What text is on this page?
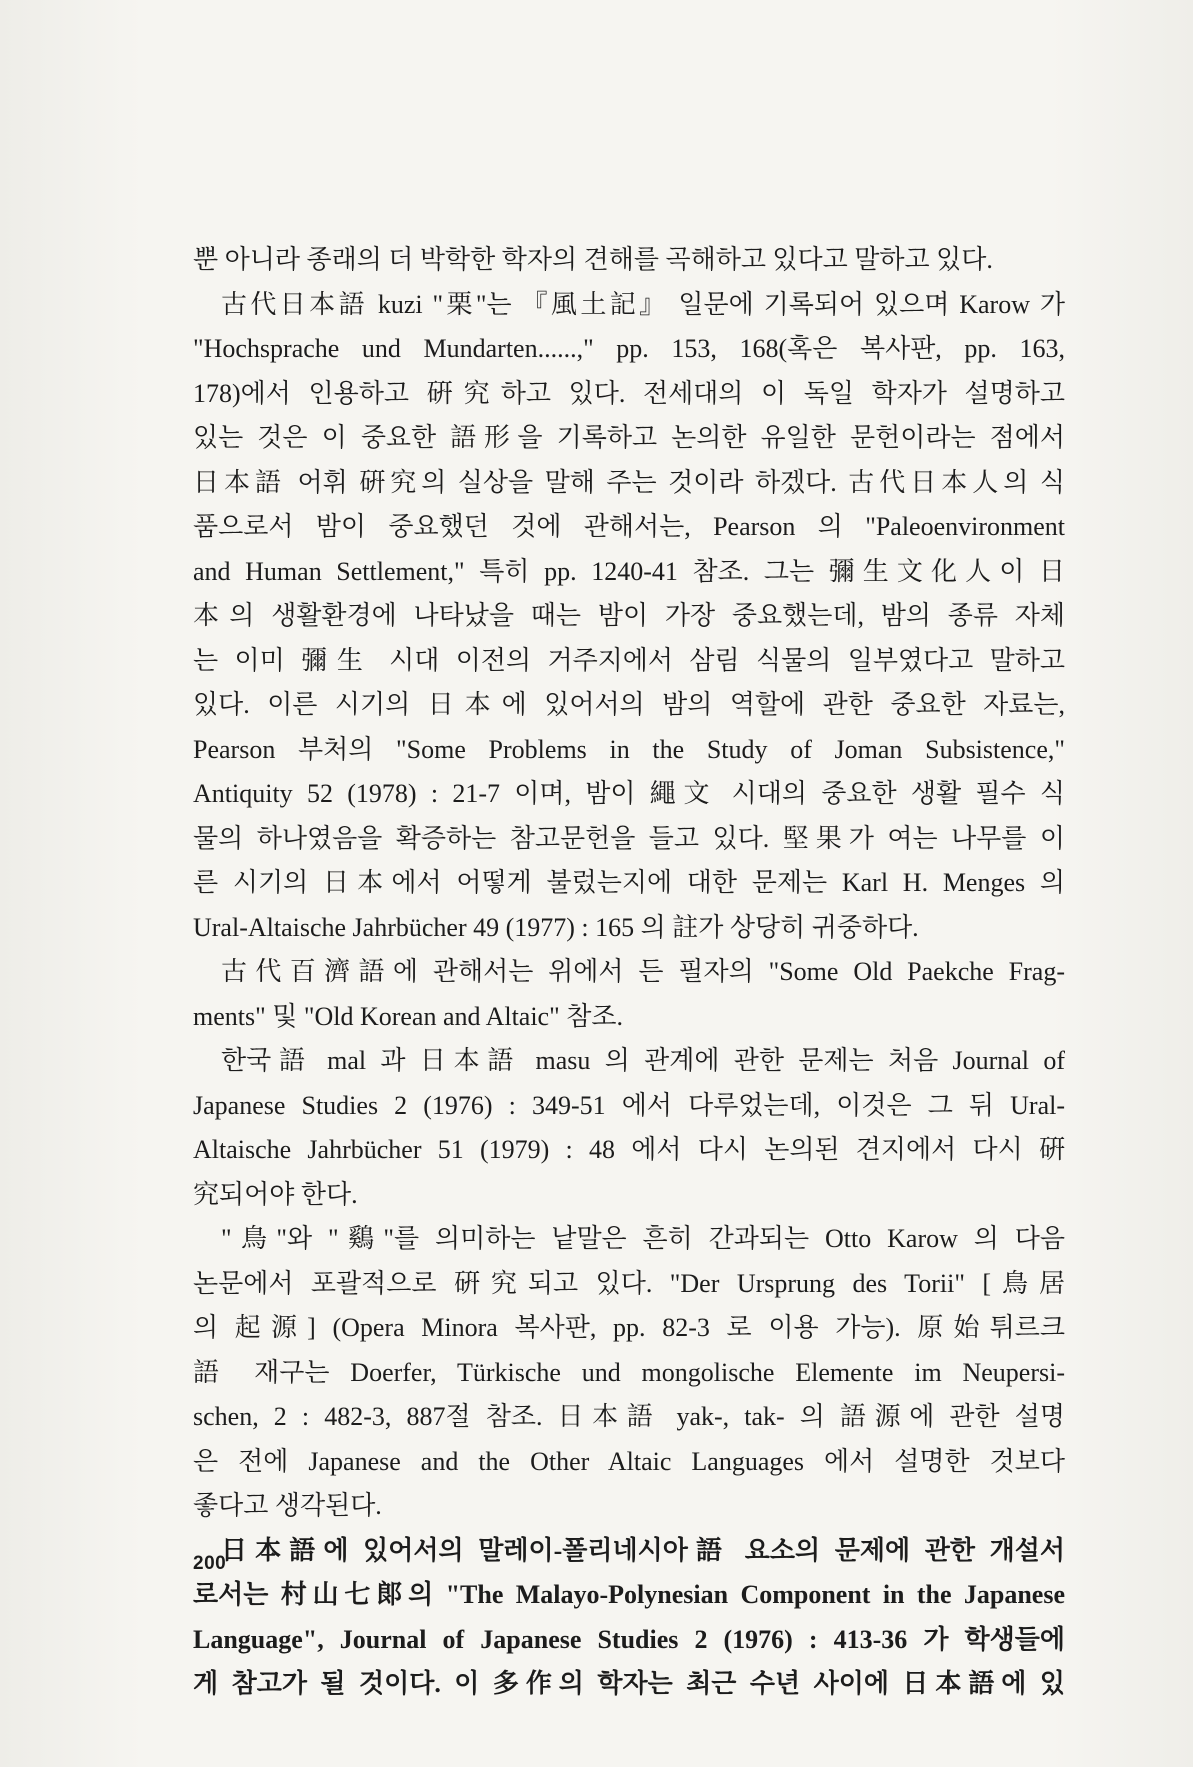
뿐 아니라 종래의 더 박학한 학자의 견해를 곡해하고 있다고 말하고 있다.
古代日本語 kuzi "栗"는 『風土記』 일문에 기록되어 있으며 Karow 가
"Hochsprache und Mundarten......," pp. 153, 168(혹은 복사판, pp. 163,
178)에서 인용하고 硏究하고 있다. 전세대의 이 독일 학자가 설명하고
있는 것은 이 중요한 語形을 기록하고 논의한 유일한 문헌이라는 점에서
日本語 어휘 硏究의 실상을 말해 주는 것이라 하겠다. 古代日本人의 식
품으로서 밤이 중요했던 것에 관해서는, Pearson 의 "Paleoenvironment
and Human Settlement," 특히 pp. 1240-41 참조. 그는 彌生文化人이 日
本의 생활환경에 나타났을 때는 밤이 가장 중요했는데, 밤의 종류 자체
는 이미 彌生 시대 이전의 거주지에서 삼림 식물의 일부였다고 말하고
있다. 이른 시기의 日本에 있어서의 밤의 역할에 관한 중요한 자료는,
Pearson 부처의 "Some Problems in the Study of Joman Subsistence,"
Antiquity 52 (1978) : 21-7 이며, 밤이 繩文 시대의 중요한 생활 필수 식
물의 하나였음을 확증하는 참고문헌을 들고 있다. 堅果가 여는 나무를 이
른 시기의 日本에서 어떻게 불렀는지에 대한 문제는 Karl H. Menges 의
Ural-Altaische Jahrbücher 49 (1977) : 165 의 註가 상당히 귀중하다.
古代百濟語에 관해서는 위에서 든 필자의 "Some Old Paekche Frag-
ments" 및 "Old Korean and Altaic" 참조.
한국語 mal 과 日本語 masu 의 관계에 관한 문제는 처음 Journal of
Japanese Studies 2 (1976) : 349-51 에서 다루었는데, 이것은 그 뒤 Ural-
Altaische Jahrbücher 51 (1979) : 48 에서 다시 논의된 견지에서 다시 硏
究되어야 한다.
"鳥"와 "鷄"를 의미하는 낱말은 흔히 간과되는 Otto Karow 의 다음
논문에서 포괄적으로 硏究되고 있다. "Der Ursprung des Torii" [鳥居
의 起源] (Opera Minora 복사판, pp. 82-3 로 이용 가능). 原始튀르크
語 재구는 Doerfer, Türkische und mongolische Elemente im Neupersi-
schen, 2 : 482-3, 887절 참조. 日本語 yak-, tak- 의 語源에 관한 설명
은 전에 Japanese and the Other Altaic Languages 에서 설명한 것보다
좋다고 생각된다.
日本語에 있어서의 말레이-폴리네시아語 요소의 문제에 관한 개설서
로서는 村山七郞의 "The Malayo-Polynesian Component in the Japanese
Language", Journal of Japanese Studies 2 (1976) : 413-36 가 학생들에
게 참고가 될 것이다. 이 多作의 학자는 최근 수년 사이에 日本語에 있
200
